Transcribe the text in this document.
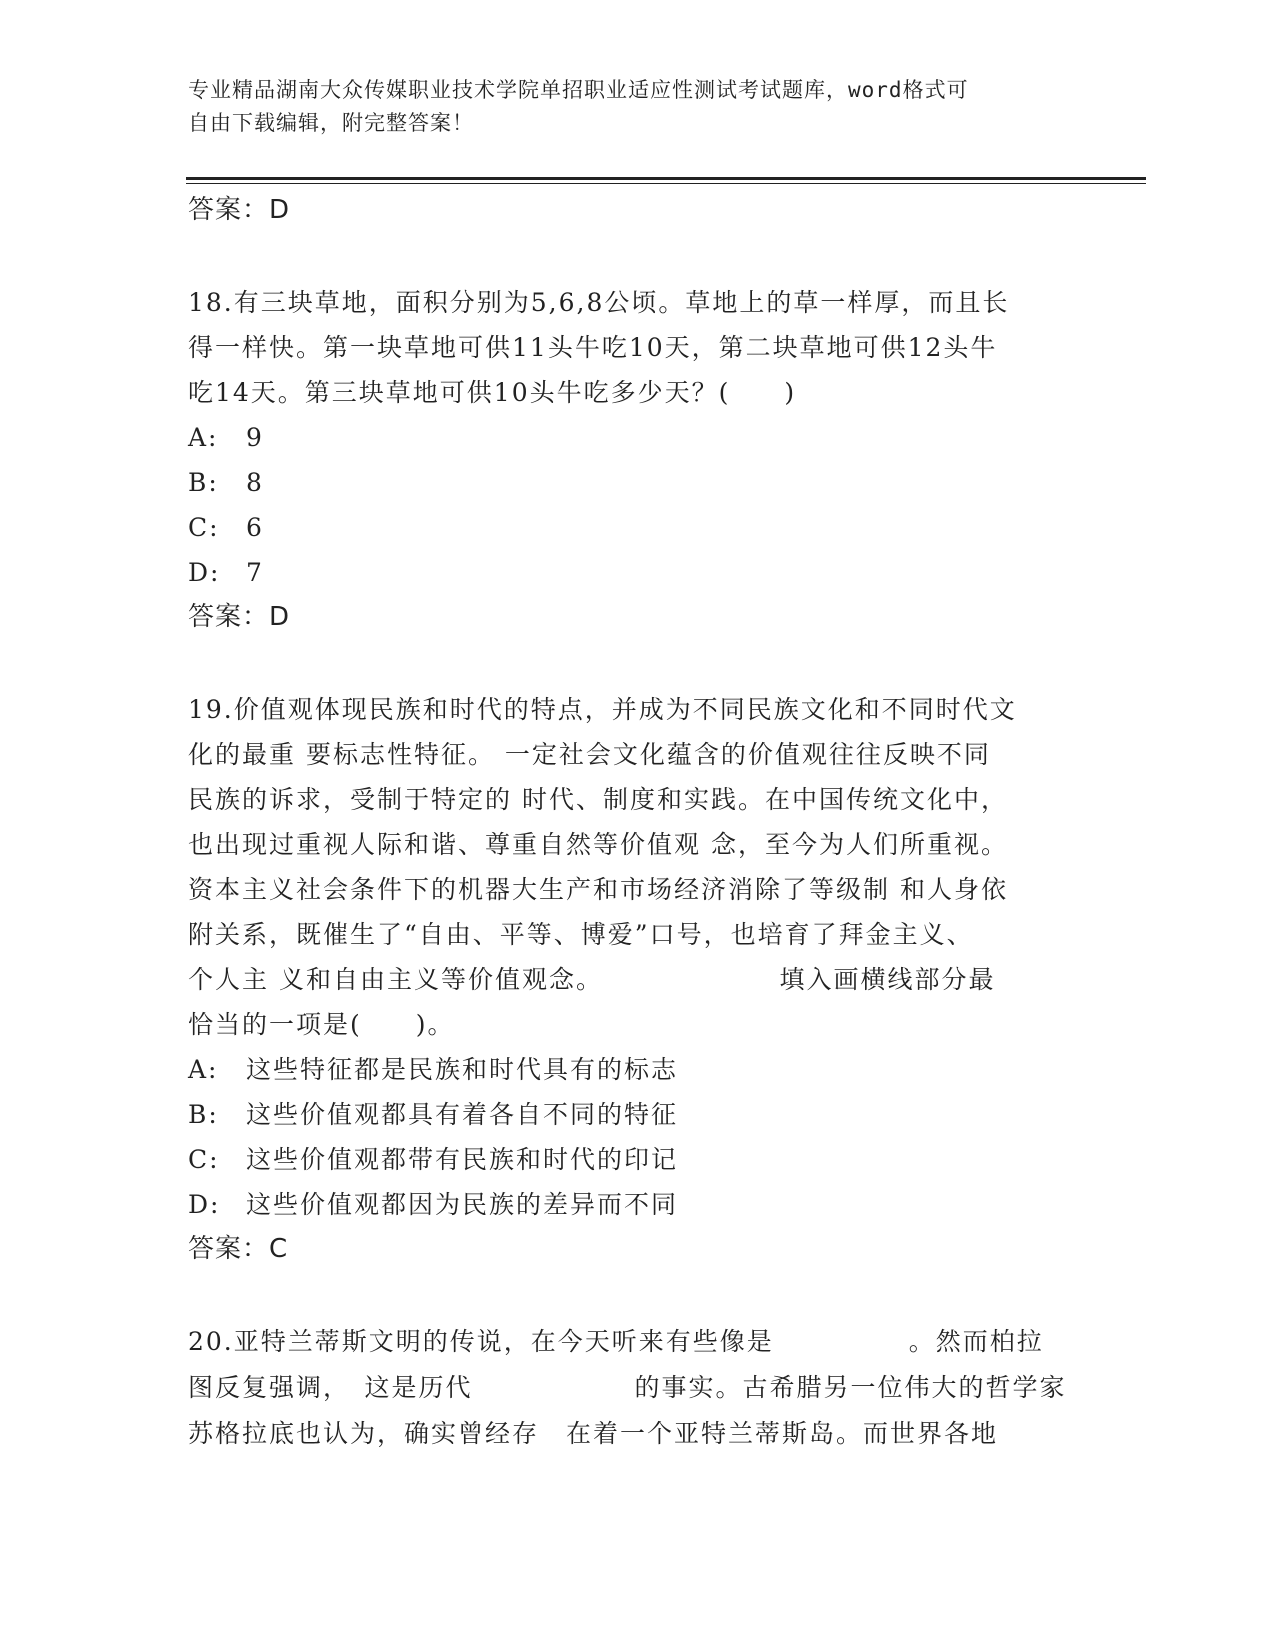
专业精品湖南大众传媒职业技术学院单招职业适应性测试考试题库，word格式可
自由下载编辑，附完整答案！
答案：D
18.有三块草地，面积分别为5,6,8公顷。草地上的草一样厚，而且长
得一样快。第一块草地可供11头牛吃10天，第二块草地可供12头牛
吃14天。第三块草地可供10头牛吃多少天？(　　)
A: 9
B: 8
C: 6
D: 7
答案：D
19.价值观体现民族和时代的特点，并成为不同民族文化和不同时代文
化的最重 要标志性特征。 一定社会文化蕴含的价值观往往反映不同
民族的诉求，受制于特定的 时代、制度和实践。在中国传统文化中，
也出现过重视人际和谐、尊重自然等价值观 念，至今为人们所重视。
资本主义社会条件下的机器大生产和市场经济消除了等级制 和人身依
附关系，既催生了“自由、平等、博爱”口号，也培育了拜金主义、
个人主 义和自由主义等价值观念。　　　　　　　填入画横线部分最
恰当的一项是(　　)。
A: 这些特征都是民族和时代具有的标志
B: 这些价值观都具有着各自不同的特征
C: 这些价值观都带有民族和时代的印记
D: 这些价值观都因为民族的差异而不同
答案：C
20.亚特兰蒂斯文明的传说，在今天听来有些像是　　　　　。然而柏拉
图反复强调，　这是历代　　　　　　的事实。古希腊另一位伟大的哲学家
苏格拉底也认为，确实曾经存　在着一个亚特兰蒂斯岛。而世界各地
